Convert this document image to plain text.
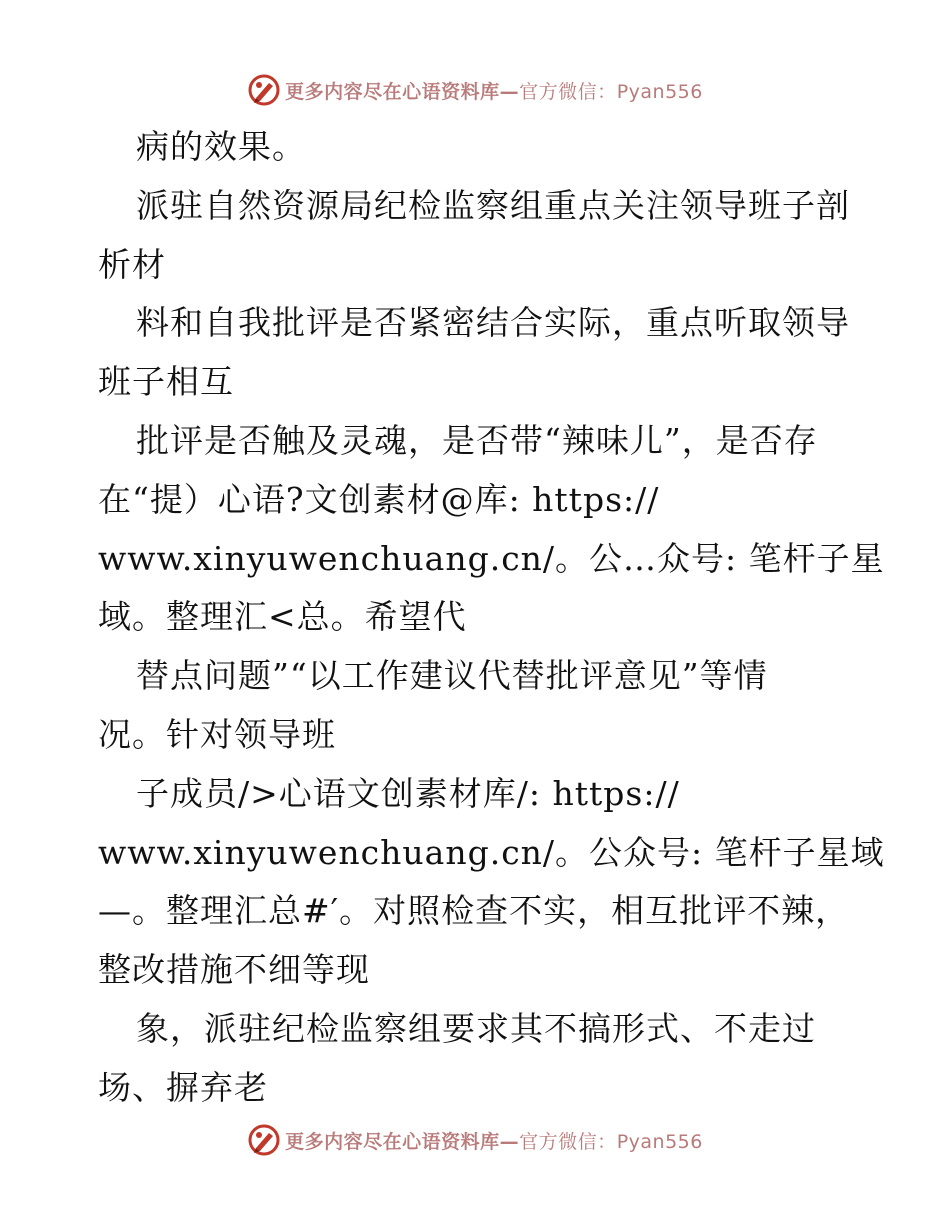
更多内容尽在心语资料库—官方微信：Pyan556
病的效果。
派驻自然资源局纪检监察组重点关注领导班子剖
析材
料和自我批评是否紧密结合实际，重点听取领导
班子相互
批评是否触及灵魂，是否带“辣味儿”，是否存
在“提）心语?文创素材@库: https://
www.xinyuwenchuang.cn/。公…众号: 笔杆子星
域。整理汇<总。希望代
替点问题”“以工作建议代替批评意见”等情
况。针对领导班
子成员/>心语文创素材库/: https://
www.xinyuwenchuang.cn/。公众号: 笔杆子星域
—。整理汇总#′。对照检查不实，相互批评不辣，
整改措施不细等现
象，派驻纪检监察组要求其不搞形式、不走过
场、摒弃老
更多内容尽在心语资料库—官方微信：Pyan556
